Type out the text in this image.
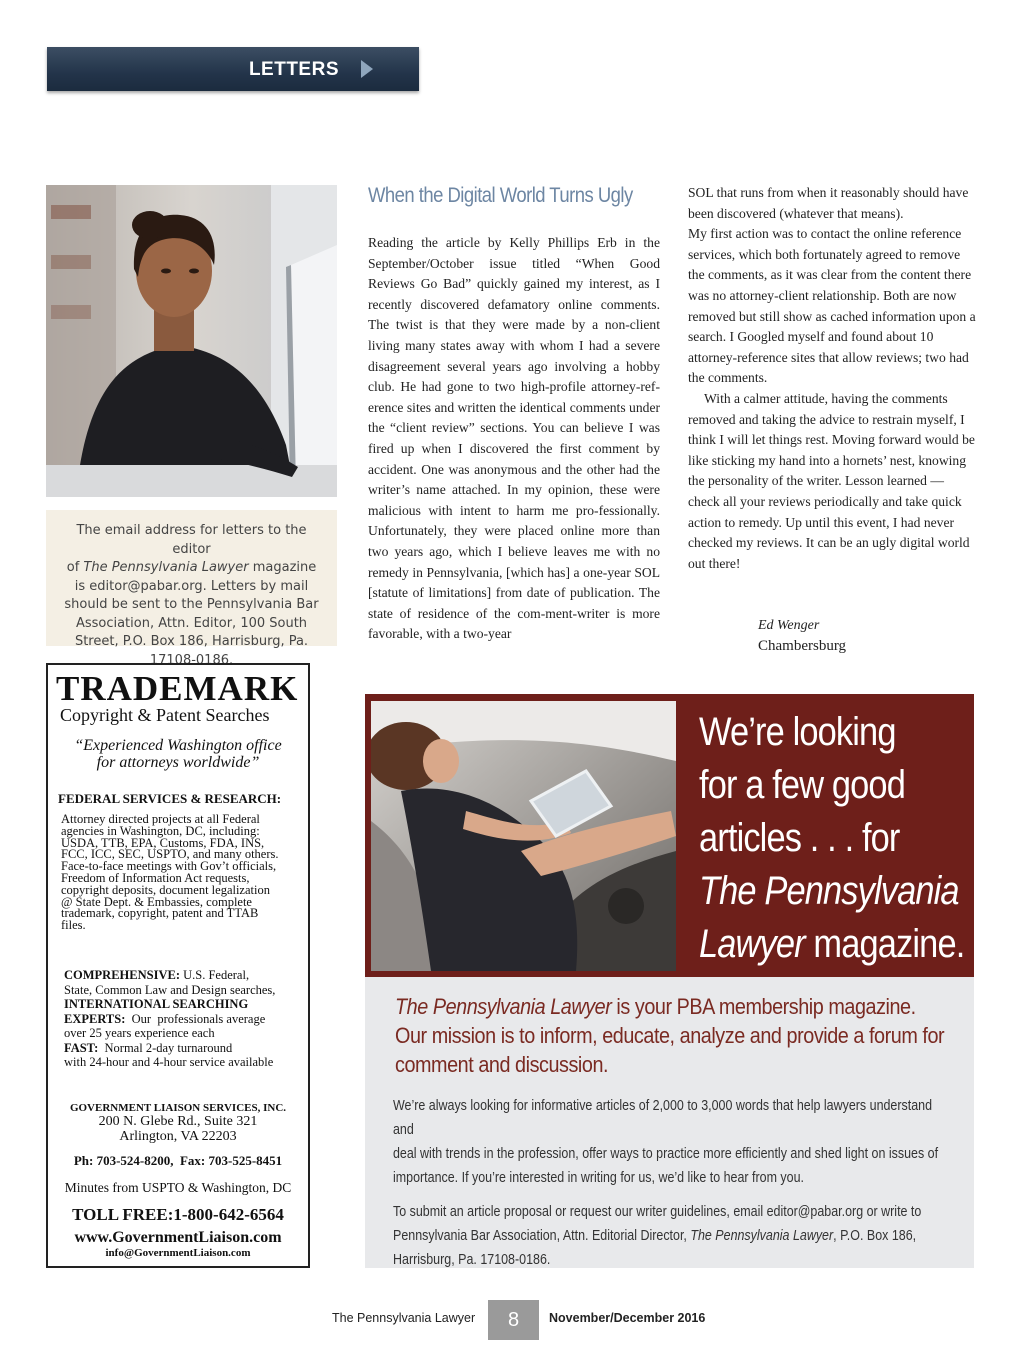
LETTERS
The email address for letters to the editor
of The Pennsylvania Lawyer magazine is editor@pabar.org. Letters by mail should be sent to the Pennsylvania Bar Association, Attn. Editor, 100 South Street, P.O. Box 186, Harrisburg, Pa. 17108-0186.
When the Digital World Turns Ugly

Reading the article by Kelly Phillips Erb in the September/October issue titled “When Good Reviews Go Bad” quickly gained my interest, as I recently discovered defamatory online comments. The twist is that they were made by a non-client living many states away with whom I had a severe disagreement several years ago involving a hobby club. He had gone to two high-profile attorney-ref-erence sites and written the identical comments under the “client review” sections. You can believe I was fired up when I discovered the first comment by accident. One was anonymous and the other had the writer’s name attached. In my opinion, these were malicious with intent to harm me pro-fessionally. Unfortunately, they were placed online more than two years ago, which I believe leaves me with no remedy in Pennsylvania, [which has] a one-year SOL [statute of limitations] from date of publication. The state of residence of the com-ment-writer is more favorable, with a two-year

SOL that runs from when it reasonably should have been discovered (whatever that means).

My first action was to contact the online reference services, which both fortunately agreed to remove the comments, as it was clear from the content there was no attorney-client relationship. Both are now removed but still show as cached information upon a search. I Googled myself and found about 10 attorney-reference sites that allow reviews; two had the comments.

With a calmer attitude, having the comments removed and taking the advice to restrain myself, I think I will let things rest. Moving forward would be like sticking my hand into a hornets’ nest, knowing the personality of the writer. Lesson learned — check all your reviews periodically and take quick action to remedy. Up until this event, I had never checked my reviews. It can be an ugly digital world out there!

Ed Wenger
Chambersburg
TRADEMARK
Copyright & Patent Searches
“Experienced Washington office
for attorneys worldwide”
FEDERAL SERVICES & RESEARCH:
Attorney directed projects at all Federal
agencies in Washington, DC, including:
USDA, TTB, EPA, Customs, FDA, INS,
FCC, ICC, SEC, USPTO, and many others.
Face-to-face meetings with Gov’t officials,
Freedom of Information Act requests,
copyright deposits, document legalization
@ State Dept. & Embassies, complete
trademark, copyright, patent and TTAB
files.
COMPREHENSIVE: U.S. Federal,
State, Common Law and Design searches,
INTERNATIONAL SEARCHING
EXPERTS:  Our  professionals average
over 25 years experience each
FAST:  Normal 2-day turnaround
with 24-hour and 4-hour service available
GOVERNMENT LIAISON SERVICES, INC.
200 N. Glebe Rd., Suite 321
Arlington, VA 22203
Ph: 703-524-8200,  Fax: 703-525-8451
Minutes from USPTO & Washington, DC
TOLL FREE:1-800-642-6564
www.GovernmentLiaison.com
info@GovernmentLiaison.com
We’re looking
for a few good
articles . . . for
The Pennsylvania
Lawyer magazine.
The Pennsylvania Lawyer is your PBA membership magazine.
Our mission is to inform, educate, analyze and provide a forum for
comment and discussion.

We’re always looking for informative articles of 2,000 to 3,000 words that help lawyers understand and
deal with trends in the profession, offer ways to practice more efficiently and shed light on issues of
importance. If you’re interested in writing for us, we’d like to hear from you.

To submit an article proposal or request our writer guidelines, email editor@pabar.org or write to
Pennsylvania Bar Association, Attn. Editorial Director, The Pennsylvania Lawyer, P.O. Box 186,
Harrisburg, Pa. 17108-0186.

The Pennsylvania Lawyer	8	November/December 2016
